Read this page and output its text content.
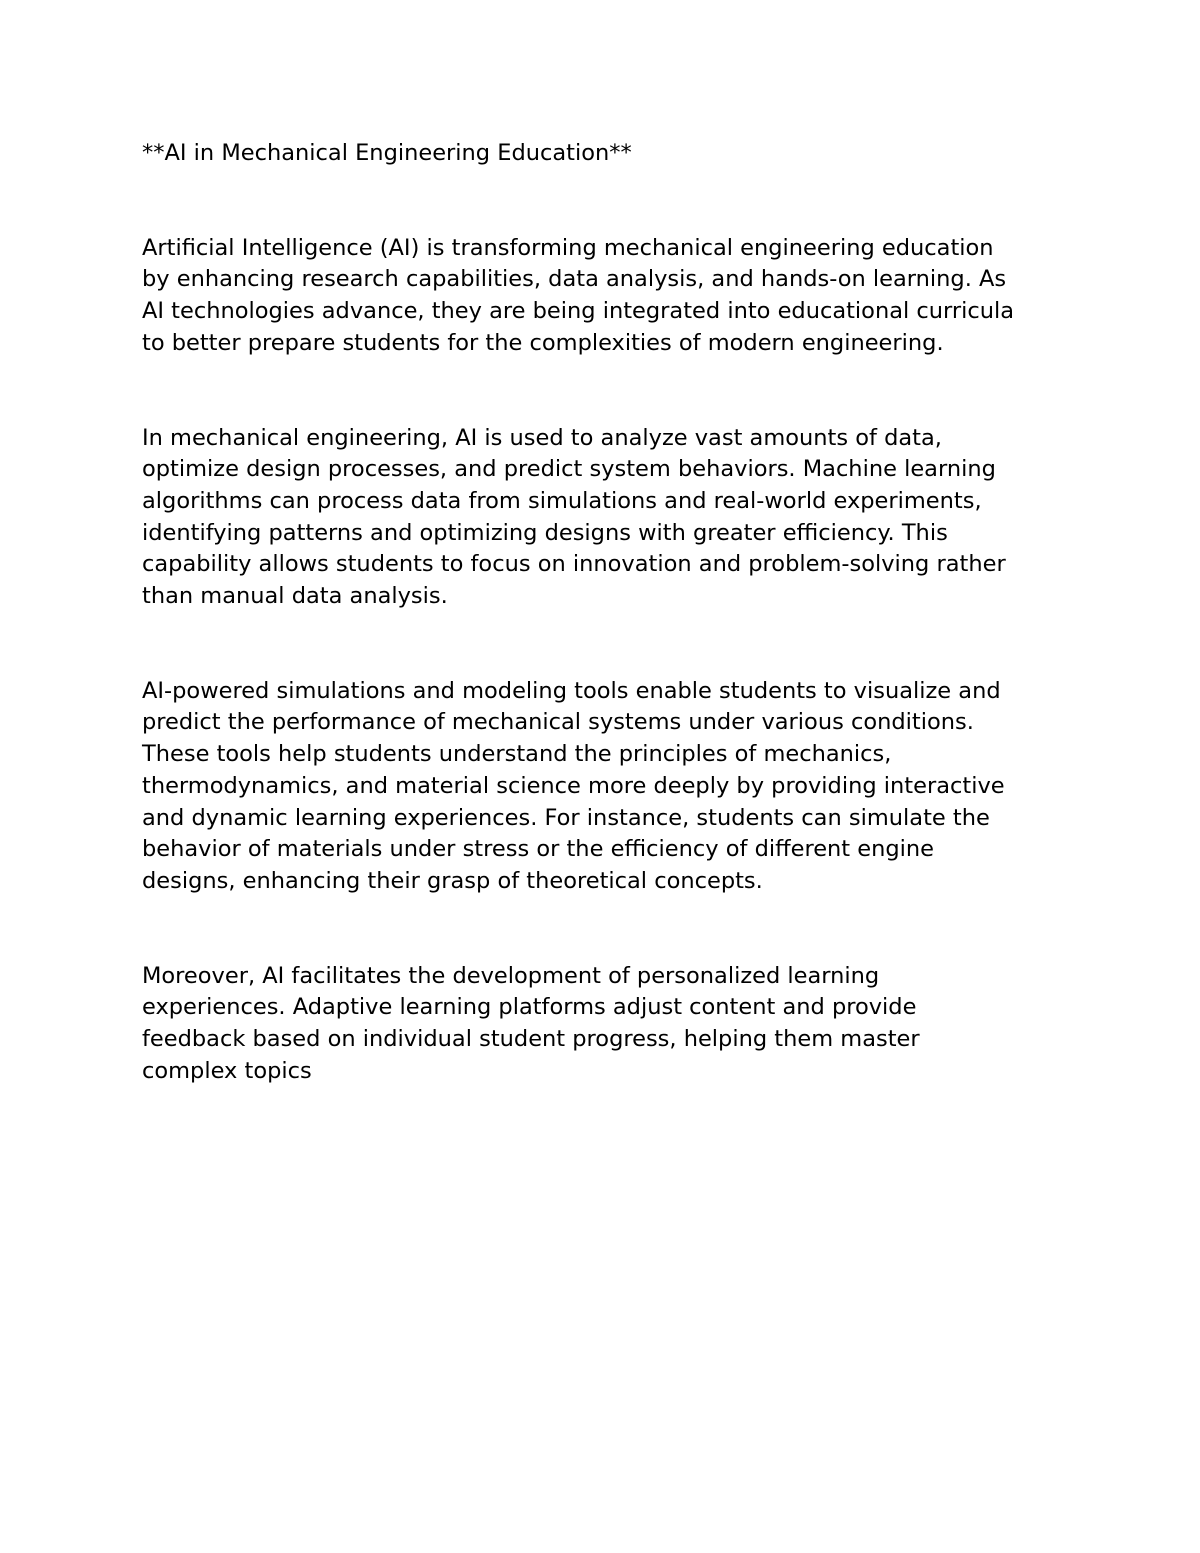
**AI in Mechanical Engineering Education**

Artificial Intelligence (AI) is transforming mechanical engineering education
by enhancing research capabilities, data analysis, and hands-on learning. As
AI technologies advance, they are being integrated into educational curricula
to better prepare students for the complexities of modern engineering.

In mechanical engineering, AI is used to analyze vast amounts of data,
optimize design processes, and predict system behaviors. Machine learning
algorithms can process data from simulations and real-world experiments,
identifying patterns and optimizing designs with greater efficiency. This
capability allows students to focus on innovation and problem-solving rather
than manual data analysis.

AI-powered simulations and modeling tools enable students to visualize and
predict the performance of mechanical systems under various conditions.
These tools help students understand the principles of mechanics,
thermodynamics, and material science more deeply by providing interactive
and dynamic learning experiences. For instance, students can simulate the
behavior of materials under stress or the efficiency of different engine
designs, enhancing their grasp of theoretical concepts.

Moreover, AI facilitates the development of personalized learning
experiences. Adaptive learning platforms adjust content and provide
feedback based on individual student progress, helping them master
complex topics
